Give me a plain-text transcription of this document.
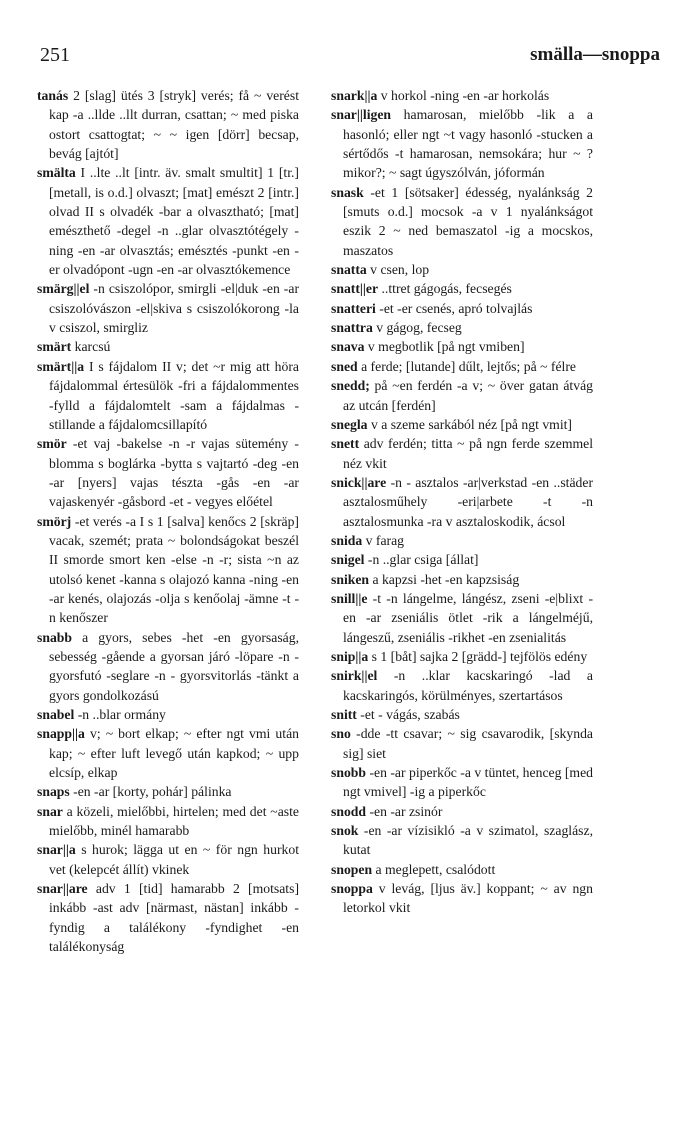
251	smälla—snoppa

tanás 2 [slag] ütés 3 [stryk] verés; få ~ verést kap -a ..llde ..llt durran, csattan; ~ med piska ostort csattogtat; ~ ~ igen [dörr] becsap, bevág [ajtót]

smälta I ..lte ..lt [intr. äv. smalt smultit] 1 [tr.] [metall, is o.d.] olvaszt; [mat] emészt 2 [intr.] olvad II s olvadék -bar a olvasztható; [mat] emészthető -degel -n ..glar olvasztótégely -ning -en -ar olvasztás; emésztés -punkt -en -er olvadópont -ugn -en -ar olvasztókemence

smärg||el -n csiszolópor, smirgli -el|duk -en -ar csiszolóvászon -el|skiva s csiszolókorong -la v csiszol, smirgliz

smärt karcsú

smärt||a I s fájdalom II v; det ~r mig att höra fájdalommal értesülök -fri a fájdalommentes -fylld a fájdalomtelt -sam a fájdalmas -stillande a fájdalomcsillapító

smör -et vaj -bakelse -n -r vajas sütemény -blomma s boglárka -bytta s vajtartó -deg -en -ar [nyers] vajas tészta -gås -en -ar vajaskenyér -gåsbord -et - vegyes előétel

smörj -et verés -a I s 1 [salva] kenőcs 2 [skräp] vacak, szemét; prata ~ bolondságokat beszél II smorde smort ken -else -n -r; sista ~n az utolsó kenet -kanna s olajozó kanna -ning -en -ar kenés, olajozás -olja s kenőolaj -ämne -t -n kenőszer

snabb a gyors, sebes -het -en gyorsaság, sebesség -gående a gyorsan járó -löpare -n - gyorsfutó -seglare -n - gyorsvitorlás -tänkt a gyors gondolkozású

snabel -n ..blar ormány

snapp||a v; ~ bort elkap; ~ efter ngt vmi után kap; ~ efter luft levegő után kapkod; ~ upp elcsíp, elkap

snaps -en -ar [korty, pohár] pálinka

snar a közeli, mielőbbi, hirtelen; med det ~aste mielőbb, minél hamarabb

snar||a s hurok; lägga ut en ~ för ngn hurkot vet (kelepcét állít) vkinek

snar||are adv 1 [tid] hamarabb 2 [motsats] inkább -ast adv [närmast, nästan] inkább -fyndig a találékony -fyndighet -en találékonyság

snark||a v horkol -ning -en -ar horkolás

snar||ligen hamarosan, mielőbb -lik a a hasonló; eller ngt ~t vagy hasonló -stucken a sértődős -t hamarosan, nemsokára; hur ~ ? mikor?; ~ sagt úgyszólván, jóformán

snask -et 1 [sötsaker] édesség, nyalánkság 2 [smuts o.d.] mocsok -a v 1 nyalánkságot eszik 2 ~ ned bemaszatol -ig a mocskos, maszatos

snatta v csen, lop

snatt||er ..ttret gágogás, fecsegés

snatteri -et -er csenés, apró tolvajlás

snattra v gágog, fecseg

snava v megbotlik [på ngt vmiben]

sned a ferde; [lutande] dűlt, lejtős; på ~ félre

snedd; på ~en ferdén -a v; ~ över gatan átvág az utcán [ferdén]

snegla v a szeme sarkából néz [på ngt vmit]

snett adv ferdén; titta ~ på ngn ferde szemmel néz vkit

snick||are -n - asztalos -ar|verkstad -en ..städer asztalosműhely -eri|arbete -t -n asztalosmunka -ra v asztaloskodik, ácsol

snida v farag

snigel -n ..glar csiga [állat]

sniken a kapzsi -het -en kapzsiság

snill||e -t -n lángelme, lángész, zseni -e|blixt -en -ar zseniális ötlet -rik a lángelméjű, lángeszű, zseniális -rikhet -en zsenialitás

snip||a s 1 [båt] sajka 2 [grädd-] tejfölös edény

snirk||el -n ..klar kacskaringó -lad a kacskaringós, körülményes, szertartásos

snitt -et - vágás, szabás

sno -dde -tt csavar; ~ sig csavarodik, [skynda sig] siet

snobb -en -ar piperkőc -a v tüntet, henceg [med ngt vmivel] -ig a piperkőc

snodd -en -ar zsinór

snok -en -ar vízisikló -a v szimatol, szaglász, kutat

snopen a meglepett, csalódott

snoppa v levág, [ljus äv.] koppant; ~ av ngn letorkol vkit
